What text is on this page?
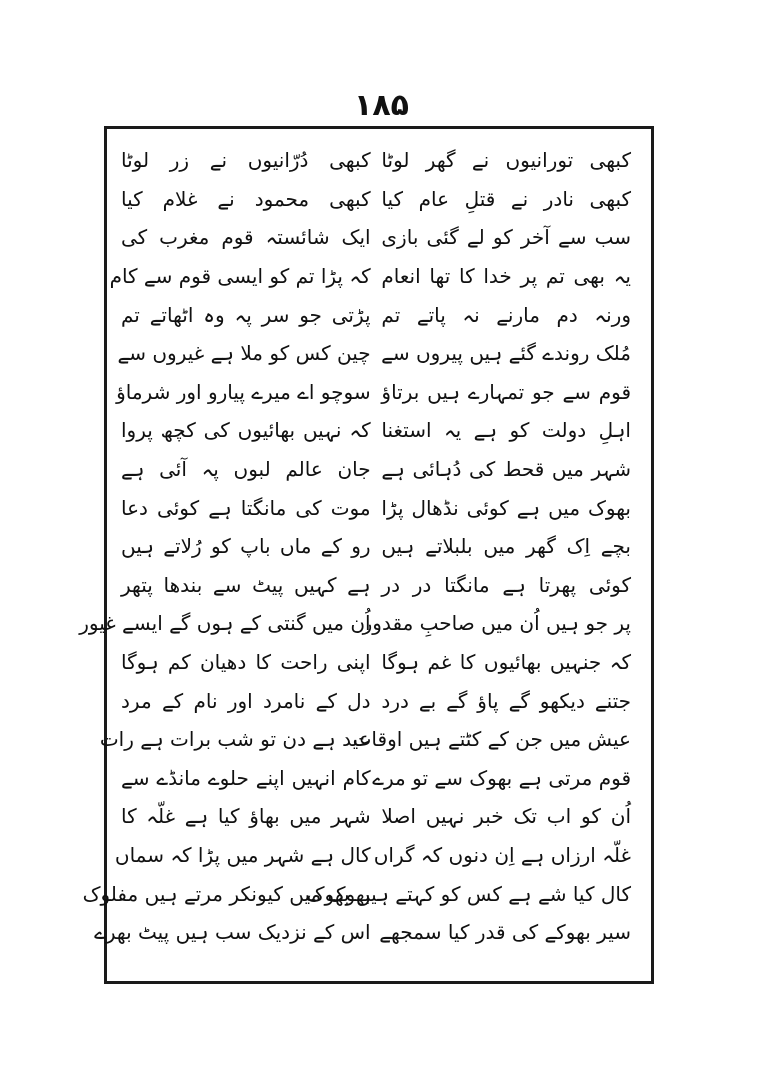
۱۸۵
کبھی تورانیوں نے گھر لوٹا
کبھی دُرّانیوں نے زر لوٹا
کبھی نادر نے قتلِ عام کیا
کبھی محمود نے غلام کیا
سب سے آخر کو لے گئی بازی
ایک شائستہ قوم مغرب کی
یہ بھی تم پر خدا کا تھا انعام
کہ پڑا تم کو ایسی قوم سے کام
ورنہ دم مارنے نہ پاتے تم
پڑتی جو سر پہ وہ اٹھاتے تم
مُلک روندے گئے ہیں پیروں سے
چین کس کو ملا ہے غیروں سے
قوم سے جو تمہارے ہیں برتاؤ
سوچو اے میرے پیارو اور شرماؤ
اہلِ دولت کو ہے یہ استغنا
کہ نہیں بھائیوں کی کچھ پروا
شہر میں قحط کی دُہائی ہے
جان عالم لبوں پہ آئی ہے
بھوک میں ہے کوئی نڈھال پڑا
موت کی مانگتا ہے کوئی دعا
بچے اِک گھر میں بلبلاتے ہیں
رو کے ماں باپ کو رُلاتے ہیں
کوئی پھرتا ہے مانگتا در در
ہے کہیں پیٹ سے بندھا پتھر
پر جو ہیں اُن میں صاحبِ مقدور
اُن میں گنتی کے ہوں گے ایسے غیور
کہ جنہیں بھائیوں کا غم ہوگا
اپنی راحت کا دھیان کم ہوگا
جتنے دیکھو گے پاؤ گے بے درد
دل کے نامرد اور نام کے مرد
عیش میں جن کے کٹتے ہیں اوقات
عید ہے دن تو شب برات ہے رات
قوم مرتی ہے بھوک سے تو مرے
کام انہیں اپنے حلوے مانڈے سے
اُن کو اب تک خبر نہیں اصلا
شہر میں بھاؤ کیا ہے غلّہ کا
غلّہ ارزاں ہے اِن دنوں کہ گراں
کال ہے شہر میں پڑا کہ سماں
کال کیا شے ہے کس کو کہتے ہیں بھوک
بھوک میں کیونکر مرتے ہیں مفلوک
سیر بھوکے کی قدر کیا سمجھے
اس کے نزدیک سب ہیں پیٹ بھرے
